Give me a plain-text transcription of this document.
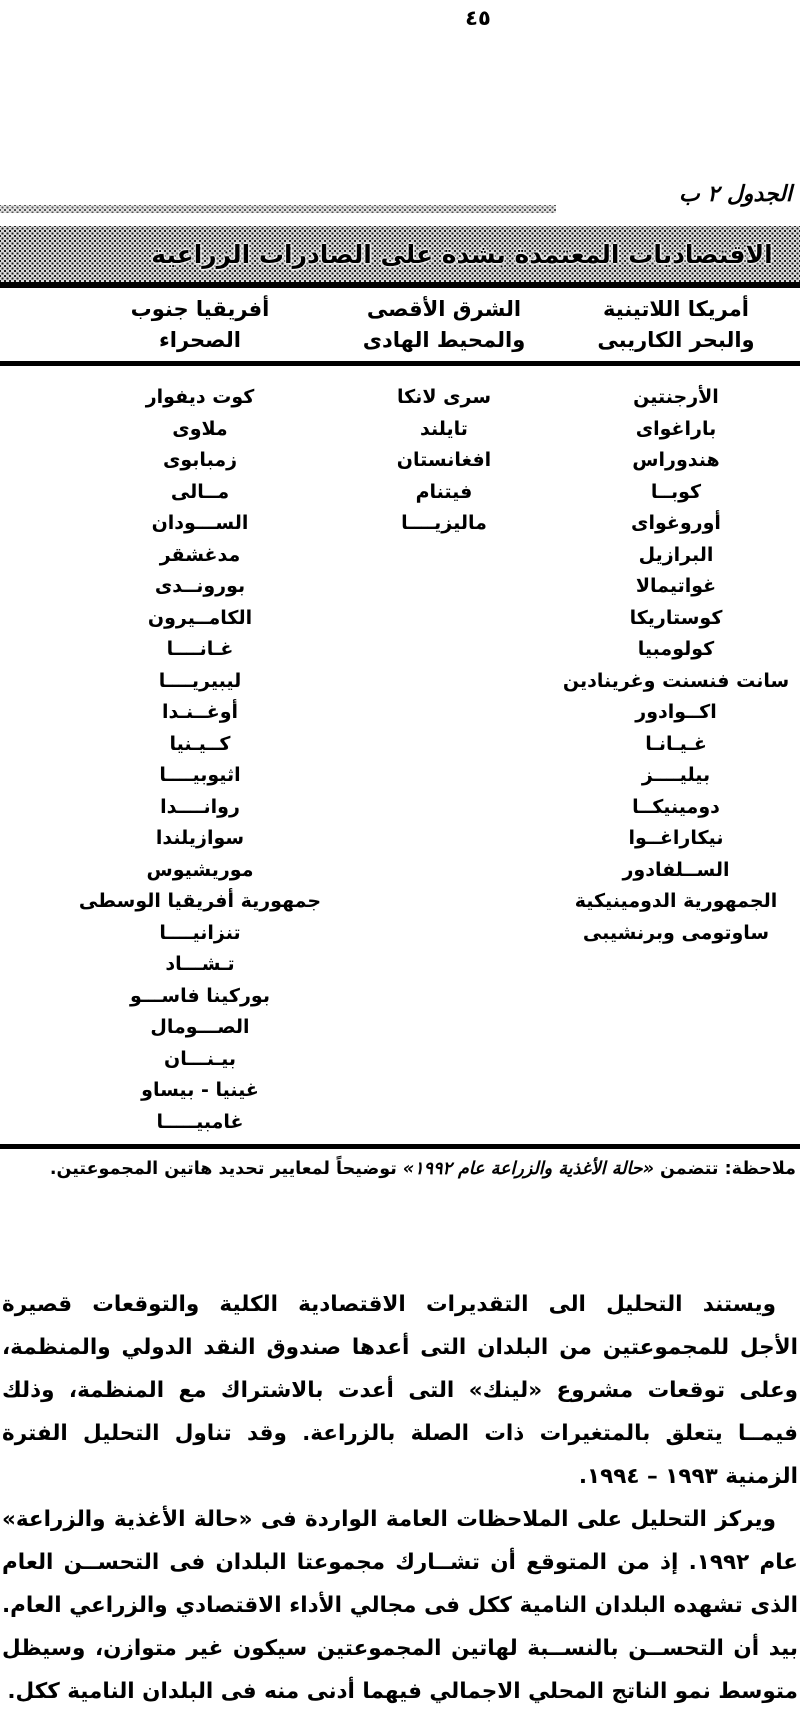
٤٥
الجدول ٢ ب
الاقتصاديات المعتمدة بشدة على الصادرات الزراعية
أمريكا اللاتينية
والبحر الكاريبى
الشرق الأقصى
والمحيط الهادى
أفريقيا جنوب
الصحراء
الأرجنتين
باراغواى
هندوراس
كوبــا
أوروغواى
البرازيل
غواتيمالا
كوستاريكا
كولومبيا
سانت فنسنت وغرينادين
اكــوادور
غـيـانـا
بيليــــز
دومينيكــا
نيكاراغــوا
الســلفادور
الجمهورية الدومينيكية
ساوتومى وبرنشيبى
سرى لانكا
تايلند
افغانستان
فيتنام
ماليزيــــا
كوت ديفوار
ملاوى
زمبابوى
مــالى
الســـودان
مدغشقر
بورونــدى
الكامــيرون
غـانــــا
ليبيريــــا
أوغــنـدا
كــيـنيا
اثيوبيــــا
روانــــدا
سوازيلندا
موريشيوس
جمهورية أفريقيا الوسطى
تنزانيــــا
تـشـــاد
بوركينا فاســـو
الصـــومال
بيـنـــان
غينيا - بيساو
غامبيـــــا
ملاحظة: تتضمن «حالة الأغذية والزراعة عام ١٩٩٢» توضيحاً لمعايير تحديد هاتين المجموعتين.
ويستند التحليل الى التقديرات الاقتصادية الكلية والتوقعات قصيرة
الأجل للمجموعتين من البلدان التى أعدها صندوق النقد الدولي والمنظمة،
وعلى توقعات مشروع «لينك» التى أعدت بالاشتراك مع المنظمة، وذلك
فيمــا يتعلق بالمتغيرات ذات الصلة بالزراعة. وقد تناول التحليل الفترة
الزمنية ١٩٩٣ – ١٩٩٤.
ويركز التحليل على الملاحظات العامة الواردة فى «حالة الأغذية والزراعة»
عام ١٩٩٢. إذ من المتوقع أن تشــارك مجموعتا البلدان فى التحســن العام
الذى تشهده البلدان النامية ككل فى مجالي الأداء الاقتصادي والزراعي العام.
بيد أن التحســن بالنســبة لهاتين المجموعتين سيكون غير متوازن، وسيظل
متوسط نمو الناتج المحلي الاجمالي فيهما أدنى منه فى البلدان النامية ككل.
